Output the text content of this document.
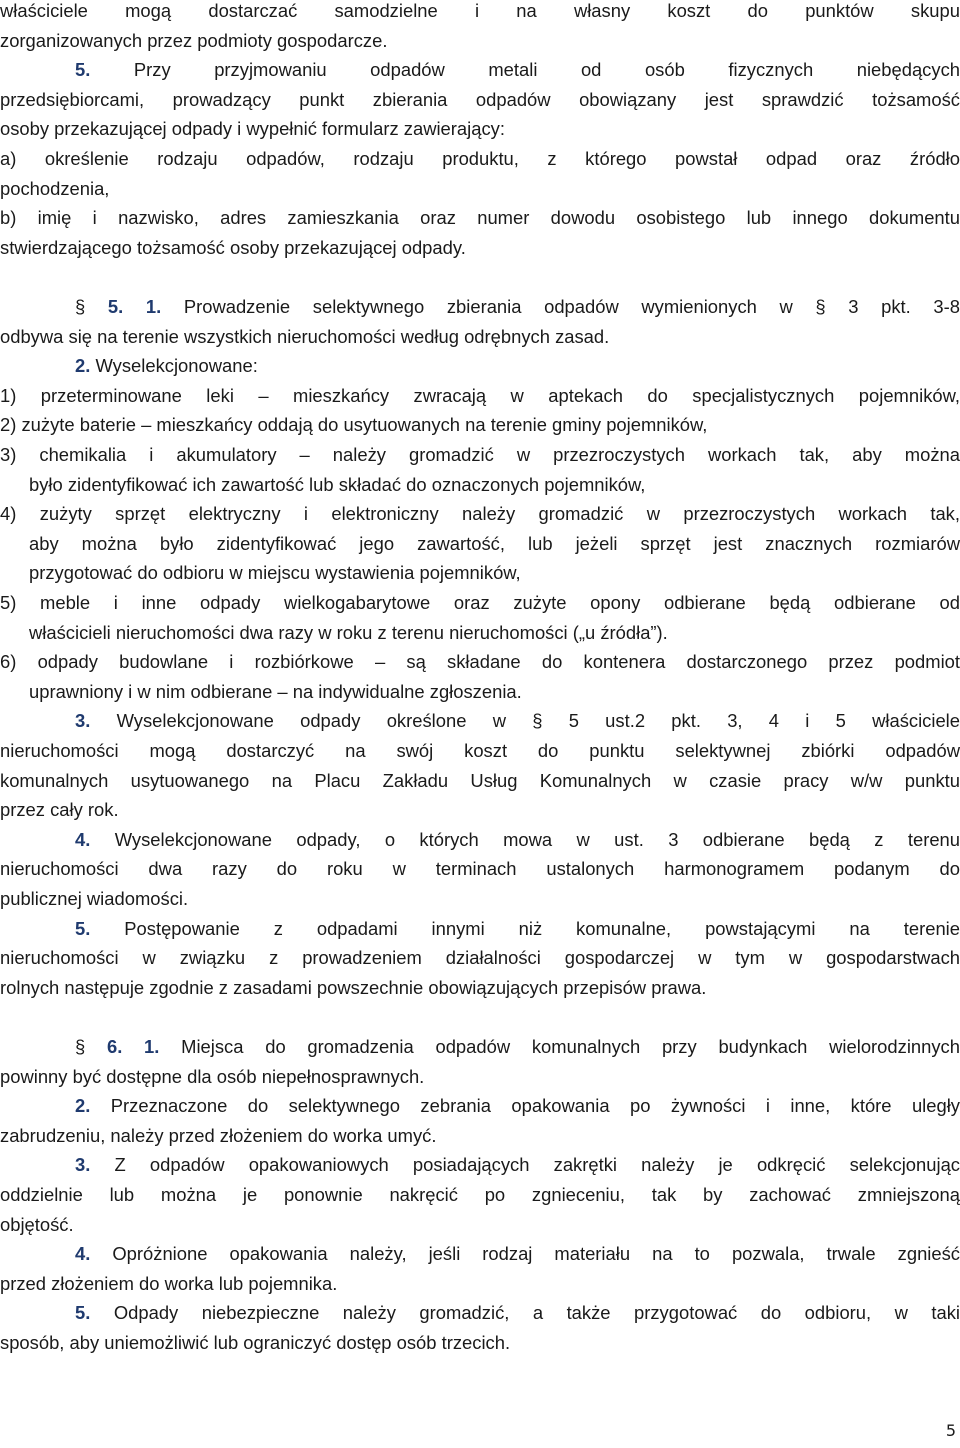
właściciele mogą dostarczać samodzielne i na własny koszt do punktów skupu
zorganizowanych przez podmioty gospodarcze.
5. Przy przyjmowaniu odpadów metali od osób fizycznych niebędących
przedsiębiorcami, prowadzący punkt zbierania odpadów obowiązany jest sprawdzić tożsamość
osoby przekazującej odpady i wypełnić formularz zawierający:
a) określenie rodzaju odpadów, rodzaju produktu, z którego powstał odpad oraz źródło
pochodzenia,
b) imię i nazwisko, adres zamieszkania oraz numer dowodu osobistego lub innego dokumentu
stwierdzającego tożsamość osoby przekazującej odpady.
§ 5. 1. Prowadzenie selektywnego zbierania odpadów wymienionych w § 3 pkt. 3-8
odbywa się na terenie wszystkich nieruchomości według odrębnych zasad.
2. Wyselekcjonowane:
1) przeterminowane leki – mieszkańcy zwracają w aptekach do specjalistycznych pojemników,
2) zużyte baterie – mieszkańcy oddają do usytuowanych na terenie gminy pojemników,
3) chemikalia i akumulatory – należy gromadzić w przezroczystych workach tak, aby można
było zidentyfikować ich zawartość lub składać do oznaczonych pojemników,
4) zużyty sprzęt elektryczny i elektroniczny należy gromadzić w przezroczystych workach tak,
aby można było zidentyfikować jego zawartość, lub jeżeli sprzęt jest znacznych rozmiarów
przygotować do odbioru w miejscu wystawienia pojemników,
5) meble i inne odpady wielkogabarytowe oraz zużyte opony odbierane będą odbierane od
właścicieli nieruchomości dwa razy w roku z terenu nieruchomości („u źródła”).
6) odpady budowlane i rozbiórkowe – są składane do kontenera dostarczonego przez podmiot
uprawniony i w nim odbierane – na indywidualne zgłoszenia.
3. Wyselekcjonowane odpady określone w § 5 ust.2 pkt. 3, 4 i 5 właściciele
nieruchomości mogą dostarczyć na swój koszt do punktu selektywnej zbiórki odpadów
komunalnych usytuowanego na Placu Zakładu Usług Komunalnych w czasie pracy w/w punktu
przez cały rok.
4. Wyselekcjonowane odpady, o których mowa w ust. 3 odbierane będą z terenu
nieruchomości dwa razy do roku w terminach ustalonych harmonogramem podanym do
publicznej wiadomości.
5. Postępowanie z odpadami innymi niż komunalne, powstającymi na terenie
nieruchomości w związku z prowadzeniem działalności gospodarczej w tym w gospodarstwach
rolnych następuje zgodnie z zasadami powszechnie obowiązujących przepisów prawa.
§ 6. 1. Miejsca do gromadzenia odpadów komunalnych przy budynkach wielorodzinnych
powinny być dostępne dla osób niepełnosprawnych.
2. Przeznaczone do selektywnego zebrania opakowania po żywności i inne, które uległy
zabrudzeniu, należy przed złożeniem do worka umyć.
3. Z odpadów opakowaniowych posiadających zakrętki należy je odkręcić selekcjonując
oddzielnie lub można je ponownie nakręcić po zgnieceniu, tak by zachować zmniejszoną
objętość.
4. Opróżnione opakowania należy, jeśli rodzaj materiału na to pozwala, trwale zgnieść
przed złożeniem do worka lub pojemnika.
5. Odpady niebezpieczne należy gromadzić, a także przygotować do odbioru, w taki
sposób, aby uniemożliwić lub ograniczyć dostęp osób trzecich.
5
